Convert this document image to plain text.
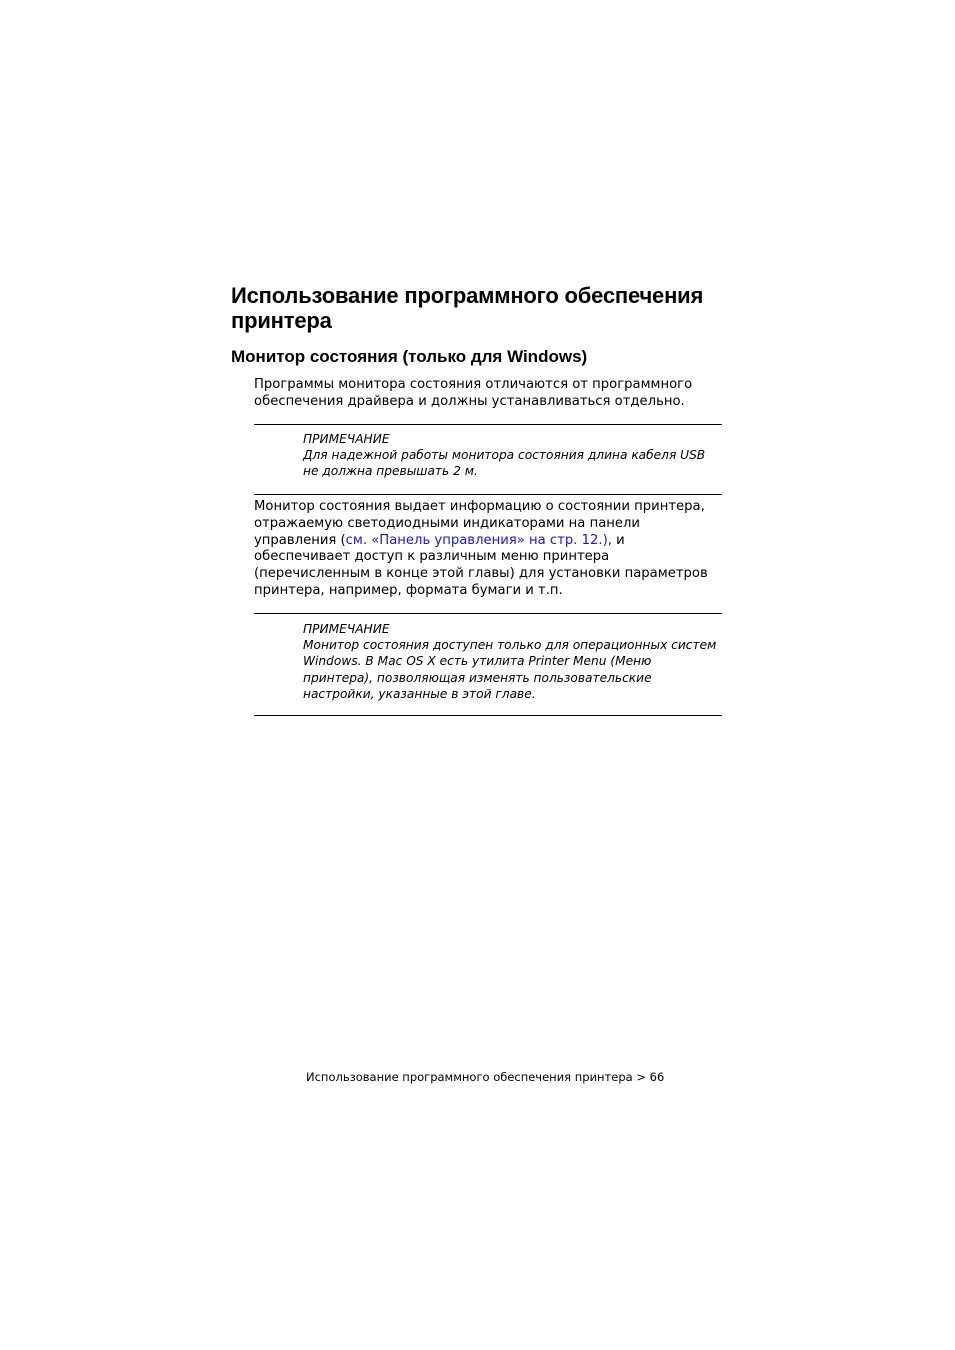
Использование программного обеспечения принтера
Монитор состояния (только для Windows)

Программы монитора состояния отличаются от программного обеспечения драйвера и должны устанавливаться отдельно.

ПРИМЕЧАНИЕ
Для надежной работы монитора состояния длина кабеля USB не должна превышать 2 м.

Монитор состояния выдает информацию о состоянии принтера, отражаемую светодиодными индикаторами на панели управления (см. «Панель управления» на стр. 12.), и обеспечивает доступ к различным меню принтера (перечисленным в конце этой главы) для установки параметров принтера, например, формата бумаги и т.п.

ПРИМЕЧАНИЕ
Монитор состояния доступен только для операционных систем Windows. В Mac OS X есть утилита Printer Menu (Меню принтера), позволяющая изменять пользовательские настройки, указанные в этой главе.
Использование программного обеспечения принтера > 66
